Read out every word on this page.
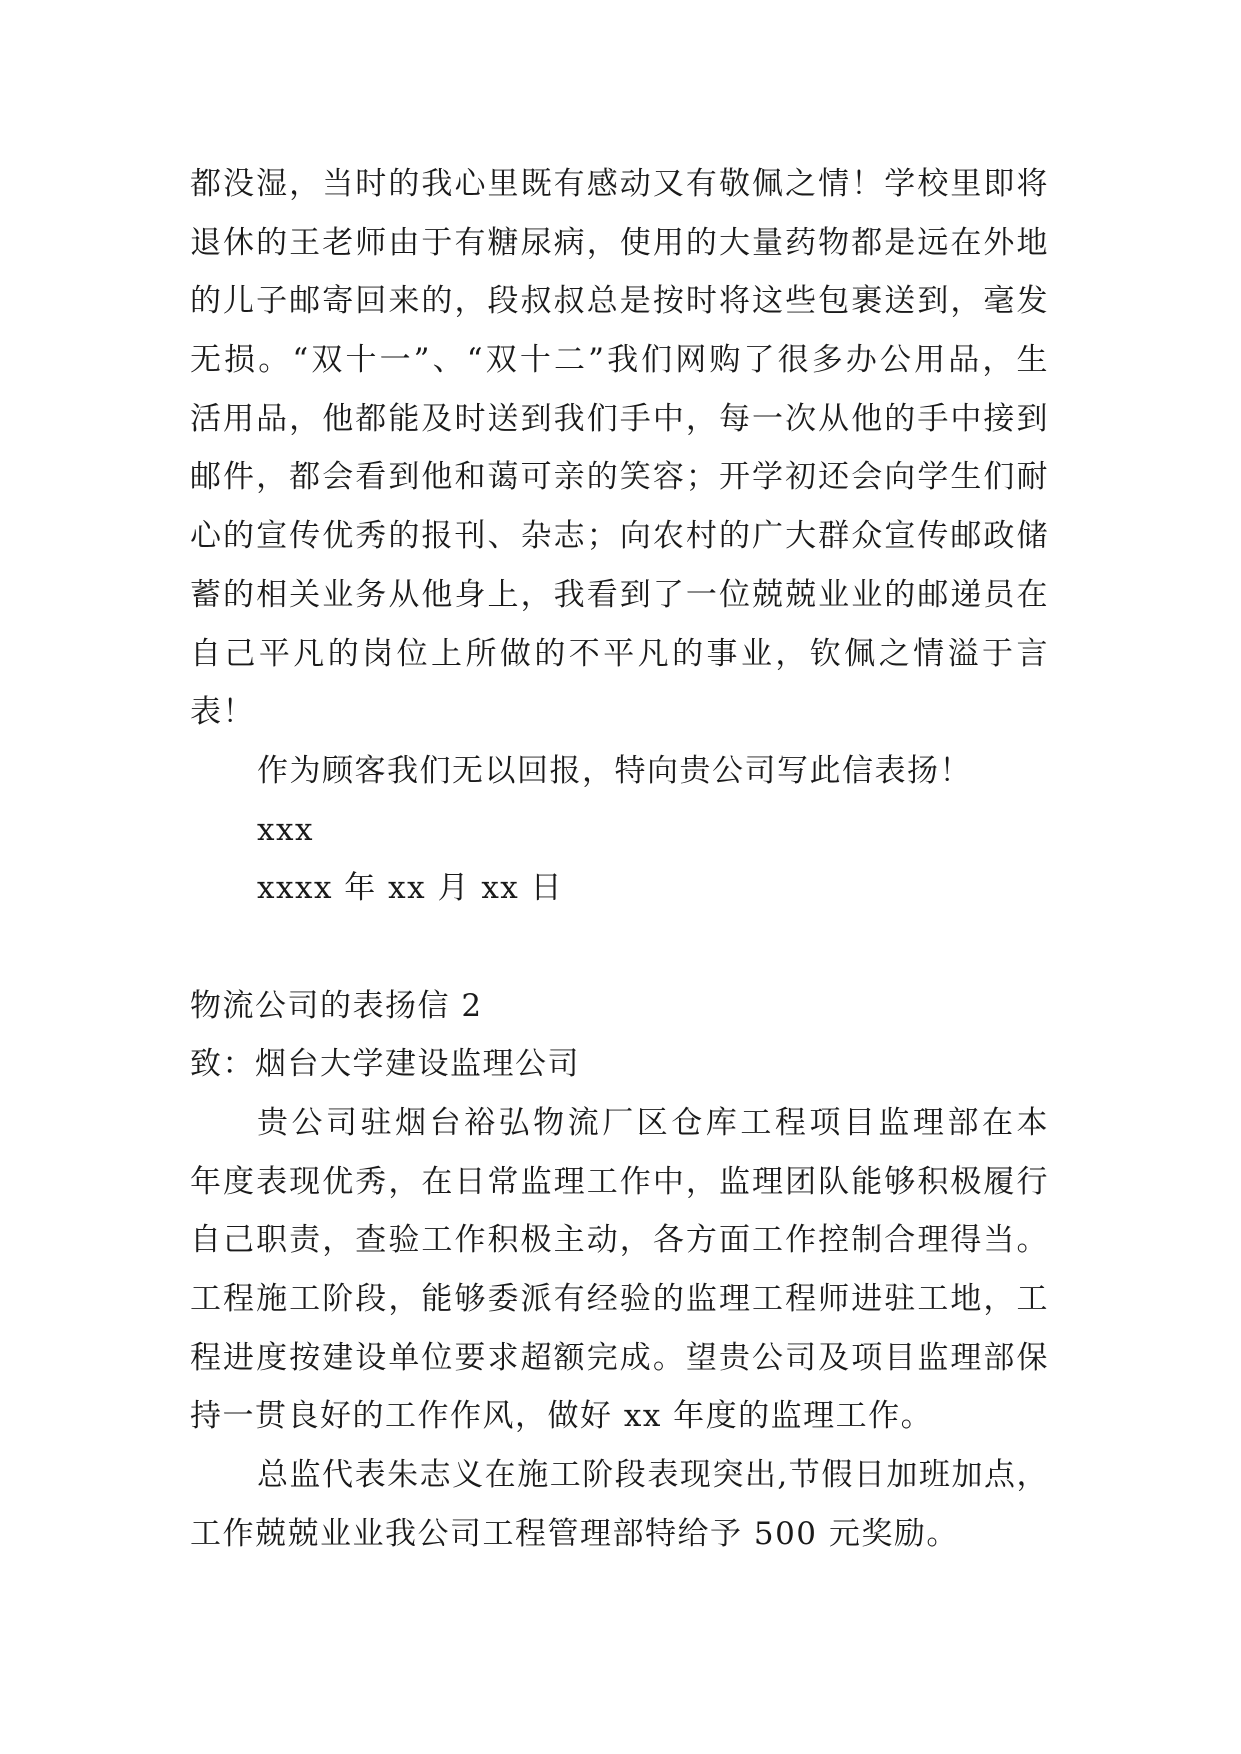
都没湿，当时的我心里既有感动又有敬佩之情！学校里即将
退休的王老师由于有糖尿病，使用的大量药物都是远在外地
的儿子邮寄回来的，段叔叔总是按时将这些包裹送到，毫发
无损。“双十一”、“双十二”我们网购了很多办公用品，生
活用品，他都能及时送到我们手中，每一次从他的手中接到
邮件，都会看到他和蔼可亲的笑容；开学初还会向学生们耐
心的宣传优秀的报刊、杂志；向农村的广大群众宣传邮政储
蓄的相关业务从他身上，我看到了一位兢兢业业的邮递员在
自己平凡的岗位上所做的不平凡的事业，钦佩之情溢于言
表！
作为顾客我们无以回报，特向贵公司写此信表扬！
xxx
xxxx 年 xx 月 xx 日
物流公司的表扬信 2
致：烟台大学建设监理公司
贵公司驻烟台裕弘物流厂区仓库工程项目监理部在本
年度表现优秀，在日常监理工作中，监理团队能够积极履行
自己职责，查验工作积极主动，各方面工作控制合理得当。
工程施工阶段，能够委派有经验的监理工程师进驻工地，工
程进度按建设单位要求超额完成。望贵公司及项目监理部保
持一贯良好的工作作风，做好 xx 年度的监理工作。
总监代表朱志义在施工阶段表现突出,节假日加班加点，
工作兢兢业业我公司工程管理部特给予 500 元奖励。
